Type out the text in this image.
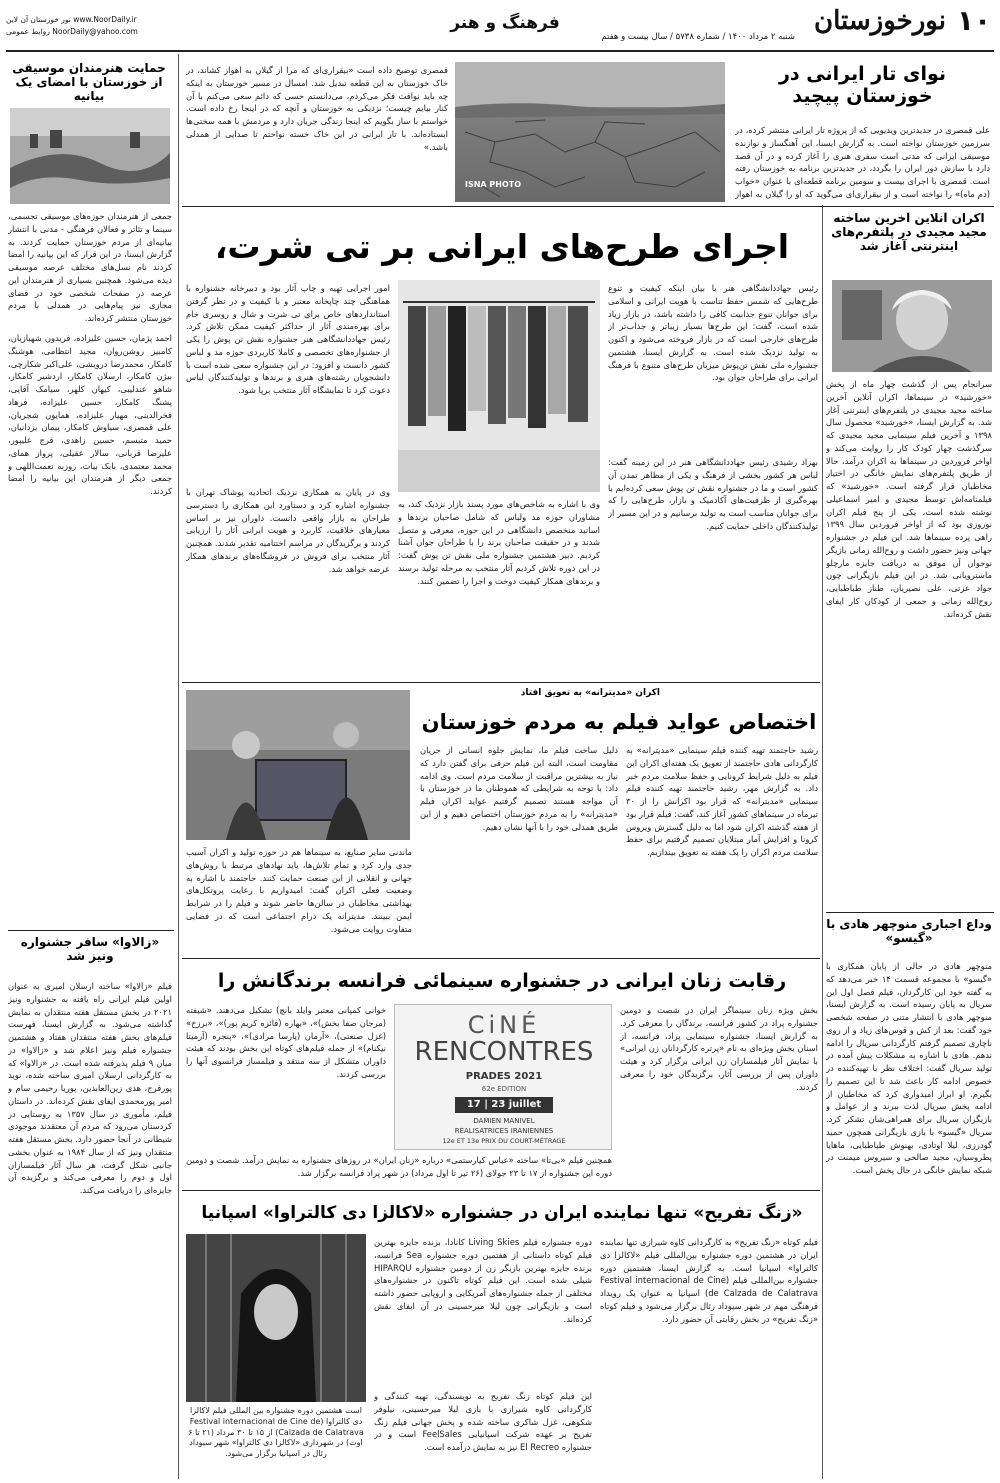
۱۰
نورخوزستان
شنبه ۲ مرداد ۱۴۰۰ / شماره ۵۷۳۸ / سال بیست و هفتم
فرهنگ و هنر
نور خوزستان آن لاین www.NoorDaily.ir
روابط عمومی NoorDaily@yahoo.com
نوای تار ایرانی در خوزستان پیچید
علی قمصری در جدیدترین ویدیویی که از پروژه تار ایرانی منتشر کرده، در سرزمین خوزستان نواخته است. به گزارش ایسنا، این آهنگساز و نوازنده موسیقی ایرانی که مدتی است سفری هنری را آغاز کرده و در آن قصد دارد با سازش دور ایران را بگردد، در جدیدترین برنامه به خوزستان رفته است. قمصری با اجرای بیست و سومین برنامه قطعه‌ای با عنوان «خواب (دم ماه)» را نواخته است و از بیقراری‌ای می‌گوید که او را گیلان به اهواز
ISNA PHOTO
قمصری توضیح داده است «بیقراری‌ای که مرا از گیلان به اهواز کشاند، در خاک خوزستان به این قطعه تبدیل شد. امسال در مسیر خوزستان به اینکه چه باید نوافت فکر می‌کردم، می‌دانستم حسی که دائم سعی می‌کنم با آن کنار بیایم چیست؛ نزدیکی به خوزستان و آنچه که در اینجا رخ داده است. خواستم با ساز بگویم که اینجا زندگی جریان دارد و مردمش با همه سختی‌ها ایستاده‌اند. با تار ایرانی در این خاک خسته نواختم تا صدایی از همدلی باشد.»
اکران آنلاین آخرین ساخته مجید مجیدی در پلتفرم‌های اینترنتی آغاز شد
سرانجام پس از گذشت چهار ماه از پخش «خورشید» در سینماها، اکران آنلاین آخرین ساخته مجید مجیدی در پلتفرم‌های اینترنتی آغاز شد. به گزارش ایسنا، «خورشید» محصول سال ۱۳۹۸ و آخرین فیلم سینمایی مجید مجیدی که سرگذشت چهار کودک کار را روایت می‌کند و اواخر فروردین در سینماها به اکران درآمد، حالا از طریق پلتفرم‌های نمایش خانگی در اختیار مخاطبان قرار گرفته است. «خورشید» که فیلمنامه‌اش توسط مجیدی و امیر اسماعیلی نوشته شده است، یکی از پنج فیلم اکران نوروزی بود که از اواخر فروردین سال ۱۳۹۹ راهی پرده سینماها شد. این فیلم در جشنواره جهانی ونیز حضور داشت و روح‌الله زمانی بازیگر نوجوان آن موفق به دریافت جایزه مارچلو ماسترویانی شد. در این فیلم بازیگرانی چون جواد عزتی، علی نصیریان، طناز طباطبایی، روح‌الله زمانی و جمعی از کودکان کار ایفای نقش کرده‌اند.
وداع اجباری منوچهر هادی با «گیسو»
منوچهر هادی در حالی از پایان همکاری با «گیسو» با مجموعه قسمت ۱۴ خبر می‌دهد که به گفته خود این کارگردان، فیلم فصل اول این سریال به پایان رسیده است. به گزارش ایسنا، منوچهر هادی با انتشار متنی در صفحه شخصی خود گفت: بعد از کش و قوس‌های زیاد و از روی ناچاری تصمیم گرفتم کارگردانی سریال را ادامه ندهم. هادی با اشاره به مشکلات پیش آمده در تولید سریال گفت: اختلاف نظر با تهیه‌کننده در خصوص ادامه کار باعث شد تا این تصمیم را بگیرم. او ابراز امیدواری کرد که مخاطبان از ادامه پخش سریال لذت ببرند و از عوامل و بازیگران سریال برای همراهی‌شان تشکر کرد. سریال «گیسو» با بازی بازیگرانی همچون حمید گودرزی، لیلا اوتادی، بهنوش طباطبایی، ماهایا پطروسیان، مجید صالحی و سیروس میمنت در شبکه نمایش خانگی در حال پخش است.
اجرای طرح‌های ایرانی بر تی شرت،
رئیس جهاددانشگاهی هنر با بیان اینکه کیفیت و تنوع طرح‌هایی که شمس حفظ تناسب با هویت ایرانی و اسلامی برای جوانان تنوع جذابیت کافی را داشته باشد، در بازار زیاد شده است، گفت: این طرح‌ها بسیار زیباتر و جذاب‌تر از طرح‌های خارجی است که در بازار فروخته می‌شود و اکنون به تولید نزدیک شده است. به گزارش ایسنا، هشتمین جشنواره ملی نقش تن‌پوش میزبان طرح‌های متنوع با فرهنگ ایرانی برای طراحان جوان بود.
بهزاد رشیدی رئیس جهاددانشگاهی هنر در این زمینه گفت: لباس هر کشور بخشی از فرهنگ و یکی از مظاهر تمدن آن کشور است و ما در جشنواره نقش تن پوش سعی کرده‌ایم با بهره‌گیری از ظرفیت‌های آکادمیک و بازار، طرح‌هایی را که برای جوانان مناسب است به تولید برسانیم و در این مسیر از تولیدکنندگان داخلی حمایت کنیم.
وی با اشاره به شاخص‌های مورد پسند بازار نزدیک کند، به مشاوران حوزه مد ولباس که شامل صاحبان برندها و اساتید متخصص دانشگاهی در این حوزه، معرفی و متصل شدند و در حقیقت صاحبان برند را با طراحان جوان آشنا کردیم. دبیر هشتمین جشنواره ملی نقش تن پوش گفت: در این دوره تلاش کردیم آثار منتخب به مرحله تولید برسند و برندهای همکار کیفیت دوخت و اجرا را تضمین کنند.
امور اجرایی تهیه و چاپ آثار بود و دبیرخانه جشنواره با هماهنگی چند چاپخانه معتبر و با کیفیت و در نظر گرفتن استانداردهای خاص برای تی شرت و شال و روسری خام برای بهره‌مندی آثار از حداکثر کیفیت ممکن تلاش کرد. رئیس جهاددانشگاهی هنر جشنواره نقش تن پوش را یکی از جشنواره‌های تخصصی و کاملا کاربردی حوزه مد و لباس کشور دانست و افزود: در این جشنواره سعی شده است با دانشجویان رشته‌های هنری و برندها و تولیدکنندگان لباس دعوت کرد تا نمایشگاه آثار منتخب برپا شود.
وی در پایان به همکاری نزدیک اتحادیه پوشاک تهران با جشنواره اشاره کرد و دستاورد این همکاری را دسترسی طراحان به بازار واقعی دانست. داوران نیز بر اساس معیارهای خلاقیت، کاربرد و هویت ایرانی آثار را ارزیابی کردند و برگزیدگان در مراسم اختتامیه تقدیر شدند. همچنین آثار منتخب برای فروش در فروشگاه‌های برندهای همکار عرضه خواهد شد.
اکران «مدیترانه» به تعویق افتاد
اختصاص عواید فیلم به مردم خوزستان
رشید حاجتمند تهیه کننده فیلم سینمایی «مدیترانه» به کارگردانی هادی حاجتمند از تعویق یک هفته‌ای اکران این فیلم به دلیل شرایط کرونایی و حفظ سلامت مردم خبر داد. به گزارش مهر، رشید حاجتمند تهیه کننده فیلم سینمایی «مدیترانه» که قرار بود اکرانش را از ۳۰ تیرماه در سینماهای کشور آغاز کند، گفت: فیلم قرار بود از هفته گذشته اکران شود اما به دلیل گسترش ویروس کرونا و افزایش آمار مبتلایان تصمیم گرفتیم برای حفظ سلامت مردم اکران را یک هفته به تعویق بیندازیم.
دلیل ساخت فیلم ما، نمایش جلوه انسانی از جریان مقاومت است، البته این فیلم حرفی برای گفتن دارد که نیاز به بیشترین مراقبت از سلامت مردم است. وی ادامه داد: با توجه به شرایطی که هموطنان ما در خوزستان با آن مواجه هستند تصمیم گرفتیم عواید اکران فیلم «مدیترانه» را به مردم خوزستان اختصاص دهیم و از این طریق همدلی خود را با آنها نشان دهیم.
ماندنی سایر صنایع، به سینماها هم در حوزه تولید و اکران آسیب جدی وارد کرد و تمام تلاش‌ها، باید نهادهای مرتبط با روش‌های جهانی و انقلابی از این صنعت حمایت کنند. حاجتمند با اشاره به وضعیت فعلی اکران گفت: امیدواریم با رعایت پروتکل‌های بهداشتی مخاطبان در سالن‌ها حاضر شوند و فیلم را در شرایط ایمن ببینند. مدیترانه یک درام اجتماعی است که در فضایی متفاوت روایت می‌شود.
رقابت زنان ایرانی در جشنواره سینمائی فرانسه برندگانش را
بخش ویژه زنان سینماگر ایران در شصت و دومین جشنواره پراد در کشور فرانسه، برندگان را معرفی کرد. به گزارش ایسنا، جشنواره سینمایی پراد، فرانسه، از اسنان بخش ویژه‌ای به نام «پرتره کارگردانان زن ایرانی» با نمایش آثار فیلمسازان زن ایرانی برگزار کرد و هیئت داوران پس از بررسی آثار، برگزیدگان خود را معرفی کردند.
CiNÉ
RENCONTRES
PRADES 2021
62e ÉDITION
17 | 23 juillet
DAMIEN MANIVEL
RÉALISATRICES IRANIENNES
12e ET 13e PRIX DU COURT-MÉTRAGE
خوانی کمپانی معتبر وایلد بانچ) تشکیل می‌دهند. «شیفته (مرجان صفا بخش)»، «بهاره (فائزه کریم پور)»، «برزخ» (غزل صنعتی)، «آرمان (پارسا مرادی)»، «پنجره (آرمیتا نیکنام)» از جمله فیلم‌های کوتاه این بخش بودند که هیئت داوران متشکل از سه منتقد و فیلمساز فرانسوی آنها را بررسی کردند.
همچنین فیلم «بی‌تا» ساخته «عباس کیارستمی» درباره «زنان ایران» در روزهای جشنواره به نمایش درآمد. شصت و دومین دوره این جشنواره از ۱۷ تا ۲۳ جولای (۲۶ تیر تا اول مرداد) در شهر پراد فرانسه برگزار شد.
«زنگ تفریح» تنها نماینده ایران در جشنواره «لاکالزا دی کالتراوا» اسپانیا
است هشتمین دوره جشنواره بین المللی فیلم لاکالزا دی کالتراوا (Festival internacional de Cine de Calzada de Calatrava) از ۱۵ تا ۳۰ مرداد (۲۱ تا ۶ اوت) در شهرداری «لاکالزا دی کالتراوا» شهر سیوداد رئال در اسپانیا برگزار می‌شود.
فیلم کوتاه «زنگ تفریح» به کارگردانی کاوه شیرازی تنها نماینده ایران در هشتمین دوره جشنواره بین‌المللی فیلم «لاکالزا دی کالتراوا» اسپانیا است. به گزارش ایسنا، هشتمین دوره جشنواره بین‌المللی فیلم (Festival internacional de Cine de Calzada de Calatrava) اسپانیا به عنوان یک رویداد فرهنگی مهم در شهر سیوداد رئال برگزار می‌شود و فیلم کوتاه «زنگ تفریح» در بخش رقابتی آن حضور دارد.
دوره جشنواره فیلم Living Skies کانادا، برنده جایزه بهترین فیلم کوتاه داستانی از هفتمین دوره جشنواره Sea فرانسه، برنده جایزه بهترین بازیگر زن از دومین جشنواره HIPARQU شیلی شده است. این فیلم کوتاه تاکنون در جشنواره‌های مختلفی از جمله جشنواره‌های آمریکایی و اروپایی حضور داشته است و بازیگرانی چون لیلا میرحسینی در آن ایفای نقش کرده‌اند.
این فیلم کوتاه زنگ تفریح به نویسندگی، تهیه کنندگی و کارگردانی کاوه شیرازی با بازی لیلا میرحسینی، نیلوفر شکوهی، غزل شاکری ساخته شده و پخش جهانی فیلم زنگ تفریح بر عهده شرکت اسپانیایی FeelSales است و در جشنواره El Recreo نیز به نمایش درآمده است.
حمایت هنرمندان موسیقی از خوزستان با امضای یک بیانیه
جمعی از هنرمندان حوزه‌های موسیقی تجسمی، سینما و تئاتر و فعالان فرهنگی - مدنی با انتشار بیانیه‌ای از مردم خوزستان حمایت کردند. به گزارش ایسنا، در این قرار که این بیانیه را امضا کردند نام نسل‌های مختلف عرصه موسیقی دیده می‌شود. همچنین بسیاری از هنرمندان این عرصه در صفحات شخصی خود در فضای مجازی نیز پیام‌هایی در همدلی با مردم خوزستان منتشر کرده‌اند.
احمد پژمان، حسین علیزاده، فریدون شهبازیان، کامبیز روشن‌روان، مجید انتظامی، هوشنگ کامکار، محمدرضا درویشی، علی‌اکبر شکارچی، بیژن کامکار، ارسلان کامکار، اردشیر کامکار، شاهو عندلیبی، کیهان کلهر، سیامک آقایی، پشنگ کامکار، حسین علیزاده، فرهاد فخرالدینی، مهیار علیزاده، همایون شجریان، علی قمصری، سیاوش کامکار، پیمان یزدانیان، حمید متبسم، حسین زاهدی، فرج علیپور، علیرضا قربانی، سالار عقیلی، پرواز همای، محمد معتمدی، بابک بیات، روزبه نعمت‌اللهی و جمعی دیگر از هنرمندان این بیانیه را امضا کردند.
«زالاوا» سافر جشنواره ونیز شد
فیلم «زالاوا» ساخته ارسلان امیری به عنوان اولین فیلم ایرانی راه یافته به جشنواره ونیز ۲۰۲۱ در بخش مستقل هفته منتقدان به نمایش گذاشته می‌شود. به گزارش ایسنا، فهرست فیلم‌های بخش هفته منتقدان هفتاد و هشتمین جشنواره فیلم ونیز اعلام شد و «زالاوا» در میان ۹ فیلم پذیرفته شده است. در «زالاوا» که به کارگردانی ارسلان امیری ساخته شده، نوید پورفرج، هدی زین‌العابدین، پوریا رحیمی سام و امیر پورمحمدی ایفای نقش کرده‌اند. در داستان فیلم، مأموری در سال ۱۳۵۷ به روستایی در کردستان می‌رود که مردم آن معتقدند موجودی شیطانی در آنجا حضور دارد. بخش مستقل هفته منتقدان ونیز که از سال ۱۹۸۴ به عنوان بخشی جانبی شکل گرفت، هر سال آثار فیلمسازان اول و دوم را معرفی می‌کند و برگزیده آن جایزه‌ای را دریافت می‌کند.
